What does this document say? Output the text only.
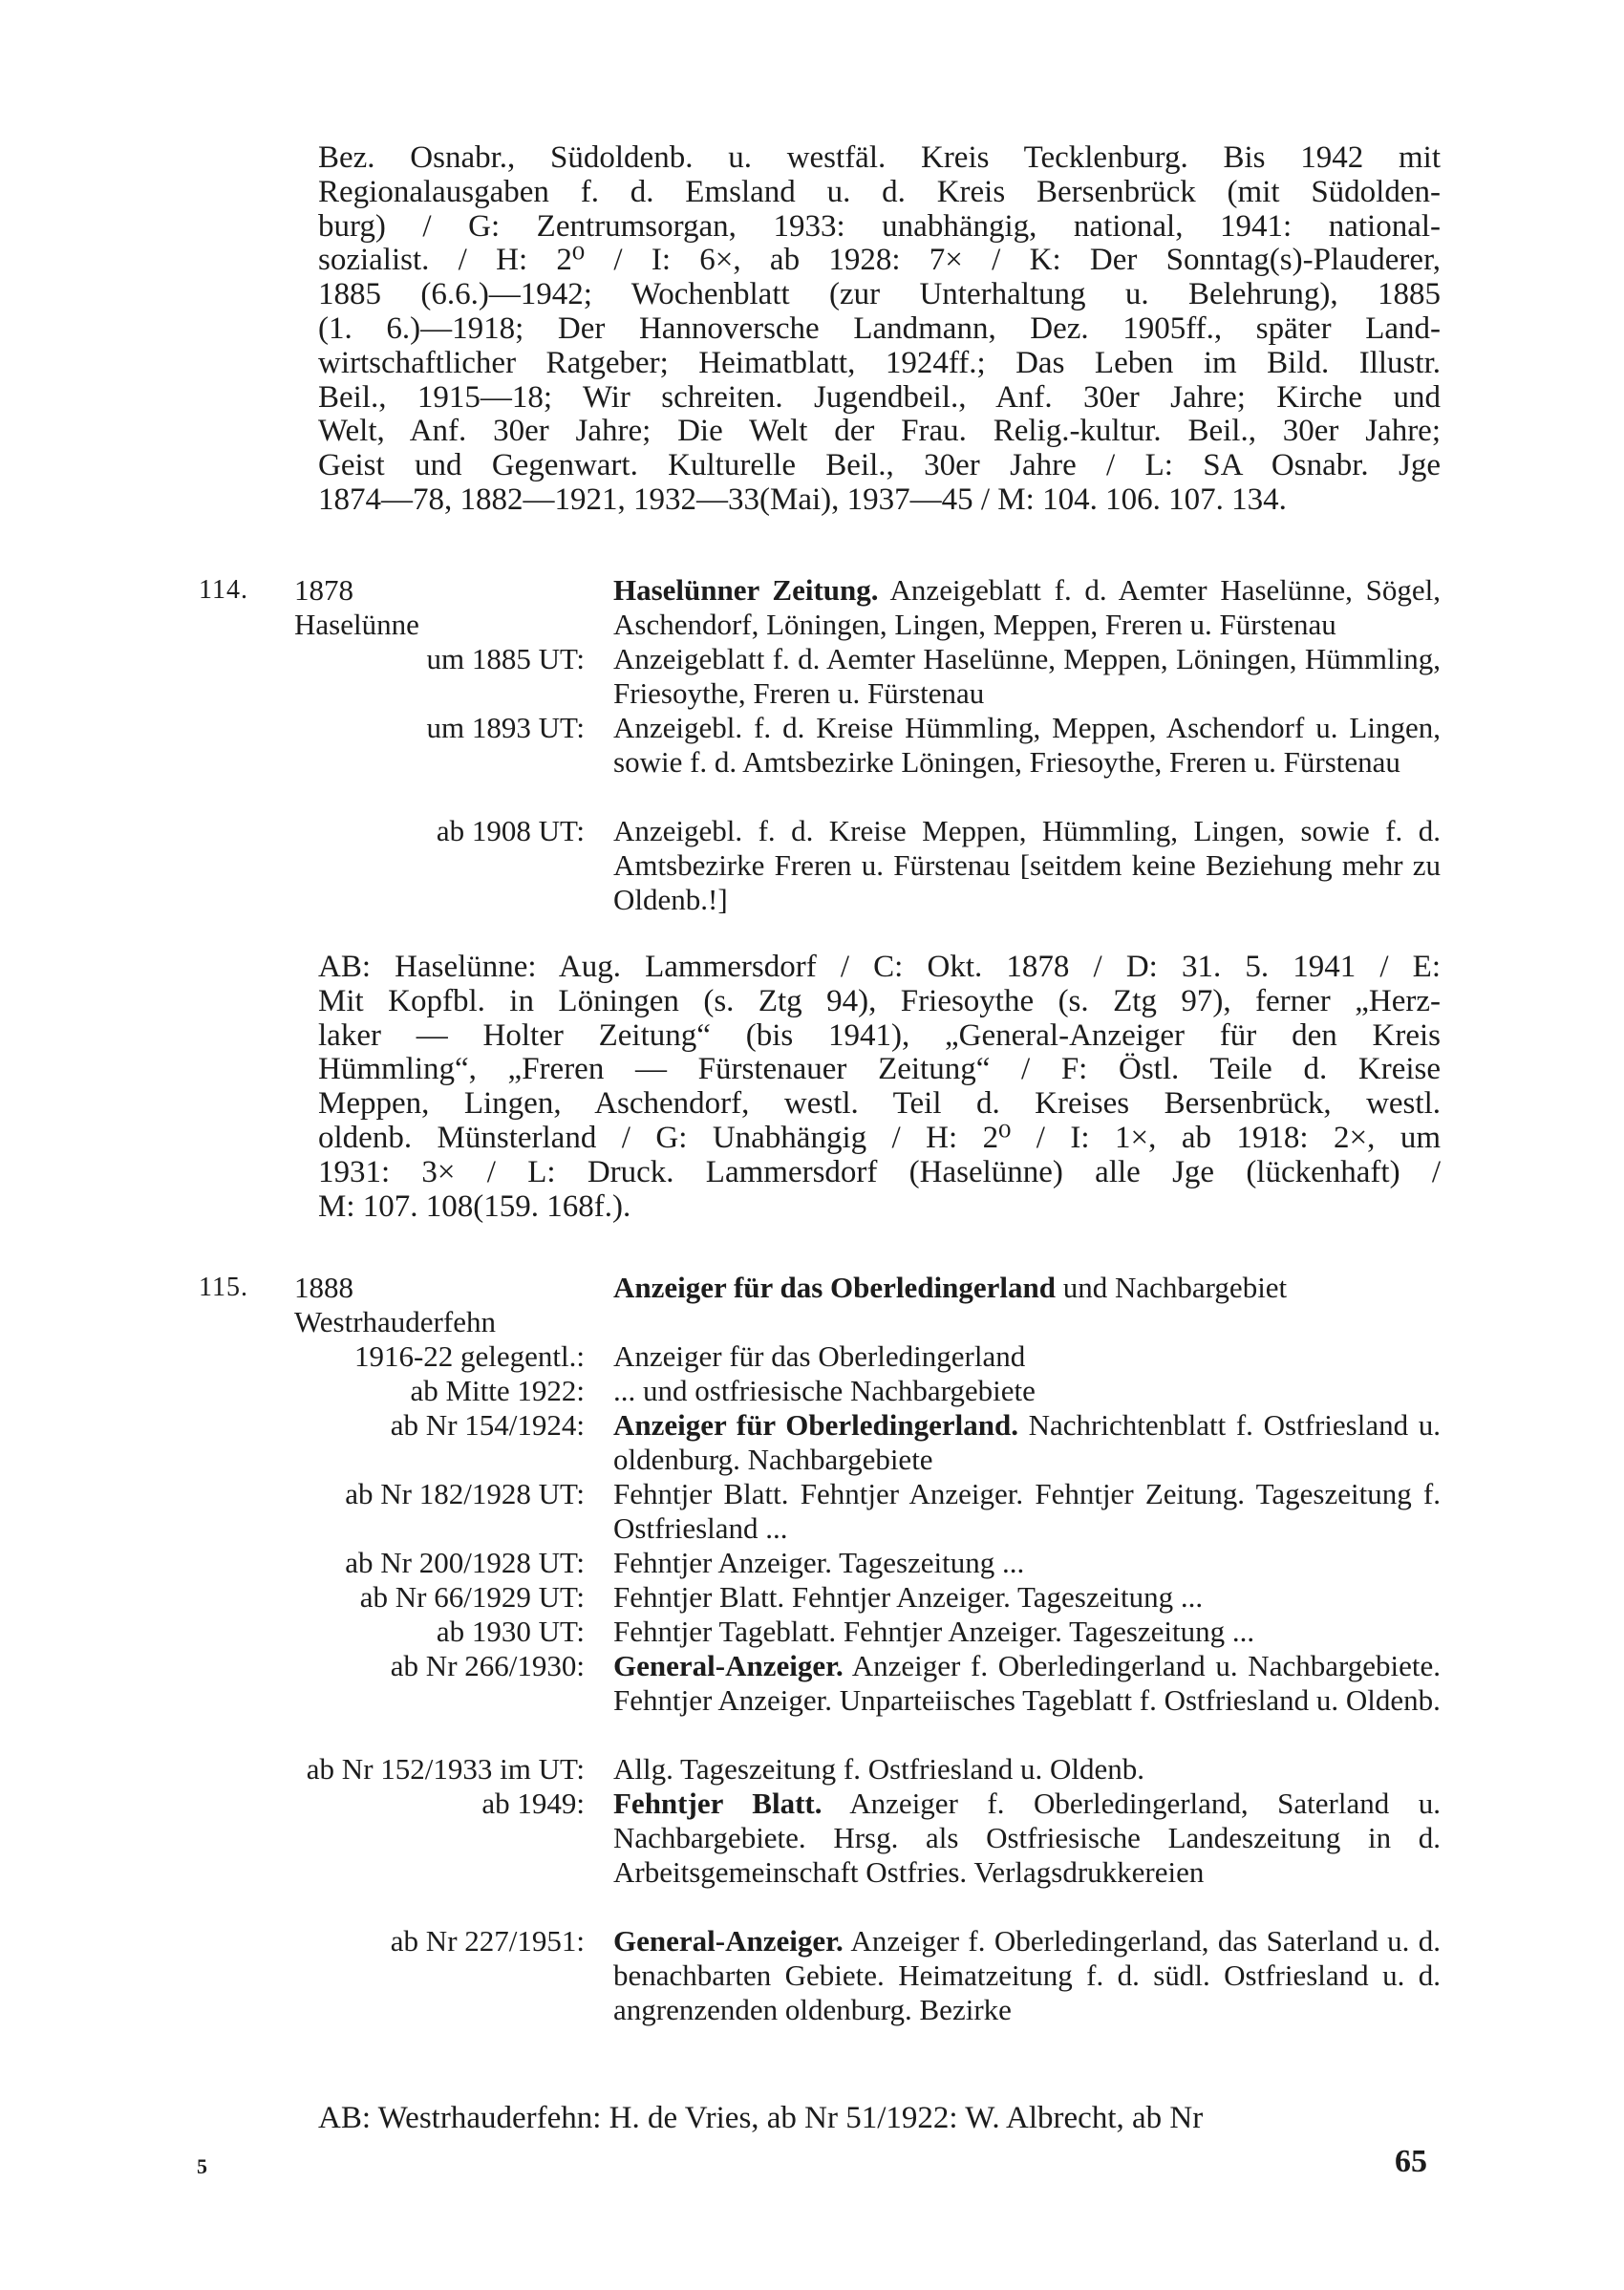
Bez. Osnabr., Südoldenb. u. westfäl. Kreis Tecklenburg. Bis 1942 mit

Regionalausgaben f. d. Emsland u. d. Kreis Bersenbrück (mit Südolden-

burg) / G: Zentrumsorgan, 1933: unabhängig, national, 1941: national-

sozialist. / H: 2⁰ / I: 6×, ab 1928: 7× / K: Der Sonntag(s)-Plauderer,

1885 (6.6.)—1942; Wochenblatt (zur Unterhaltung u. Belehrung), 1885

(1. 6.)—1918; Der Hannoversche Landmann, Dez. 1905ff., später Land-

wirtschaftlicher Ratgeber; Heimatblatt, 1924ff.; Das Leben im Bild. Illustr.

Beil., 1915—18; Wir schreiten. Jugendbeil., Anf. 30er Jahre; Kirche und

Welt, Anf. 30er Jahre; Die Welt der Frau. Relig.-kultur. Beil., 30er Jahre;

Geist und Gegenwart. Kulturelle Beil., 30er Jahre / L: SA Osnabr. Jge

1874—78, 1882—1921, 1932—33(Mai), 1937—45 / M: 104. 106. 107. 134.

114. 1878
Haselünne
Haselünner Zeitung. Anzeigeblatt f. d. Aemter Haselünne, Sögel, Aschendorf, Löningen, Lingen, Meppen, Freren u. Fürstenau
um 1885 UT: Anzeigeblatt f. d. Aemter Haselünne, Meppen, Löningen, Hümmling, Friesoythe, Freren u. Fürstenau
um 1893 UT: Anzeigebl. f. d. Kreise Hümmling, Meppen, Aschendorf u. Lingen, sowie f. d. Amtsbezirke Löningen, Friesoythe, Freren u. Fürstenau
ab 1908 UT: Anzeigebl. f. d. Kreise Meppen, Hümmling, Lingen, sowie f. d. Amtsbezirke Freren u. Fürstenau [seitdem keine Beziehung mehr zu Oldenb.!]

AB: Haselünne: Aug. Lammersdorf / C: Okt. 1878 / D: 31. 5. 1941 / E:

Mit Kopfbl. in Löningen (s. Ztg 94), Friesoythe (s. Ztg 97), ferner „Herz-

laker — Holter Zeitung“ (bis 1941), „General-Anzeiger für den Kreis

Hümmling“, „Freren — Fürstenauer Zeitung“ / F: Östl. Teile d. Kreise

Meppen, Lingen, Aschendorf, westl. Teil d. Kreises Bersenbrück, westl.

oldenb. Münsterland / G: Unabhängig / H: 2⁰ / I: 1×, ab 1918: 2×, um

1931: 3× / L: Druck. Lammersdorf (Haselünne) alle Jge (lückenhaft) /

M: 107. 108(159. 168f.).

115. 1888
Westrhauderfehn
Anzeiger für das Oberledingerland und Nachbargebiet
1916-22 gelegentl.: Anzeiger für das Oberledingerland
ab Mitte 1922: ... und ostfriesische Nachbargebiete
ab Nr 154/1924: Anzeiger für Oberledingerland. Nachrichtenblatt f. Ostfriesland u. oldenburg. Nachbargebiete
ab Nr 182/1928 UT: Fehntjer Blatt. Fehntjer Anzeiger. Fehntjer Zeitung. Tageszeitung f. Ostfriesland ...
ab Nr 200/1928 UT: Fehntjer Anzeiger. Tageszeitung ...
ab Nr 66/1929 UT: Fehntjer Blatt. Fehntjer Anzeiger. Tageszeitung ...
ab 1930 UT: Fehntjer Tageblatt. Fehntjer Anzeiger. Tageszeitung ...
ab Nr 266/1930: General-Anzeiger. Anzeiger f. Oberledingerland u. Nachbargebiete. Fehntjer Anzeiger. Unparteiisches Tageblatt f. Ostfriesland u. Oldenb.
ab Nr 152/1933 im UT: Allg. Tageszeitung f. Ostfriesland u. Oldenb.
ab 1949: Fehntjer Blatt. Anzeiger f. Oberledingerland, Saterland u. Nachbargebiete. Hrsg. als Ostfriesische Landeszeitung in d. Arbeitsgemeinschaft Ostfries. Verlagsdrukkereien
ab Nr 227/1951: General-Anzeiger. Anzeiger f. Oberledingerland, das Saterland u. d. benachbarten Gebiete. Heimatzeitung f. d. südl. Ostfriesland u. d. angrenzenden oldenburg. Bezirke
AB: Westrhauderfehn: H. de Vries, ab Nr 51/1922: W. Albrecht, ab Nr
5	65
